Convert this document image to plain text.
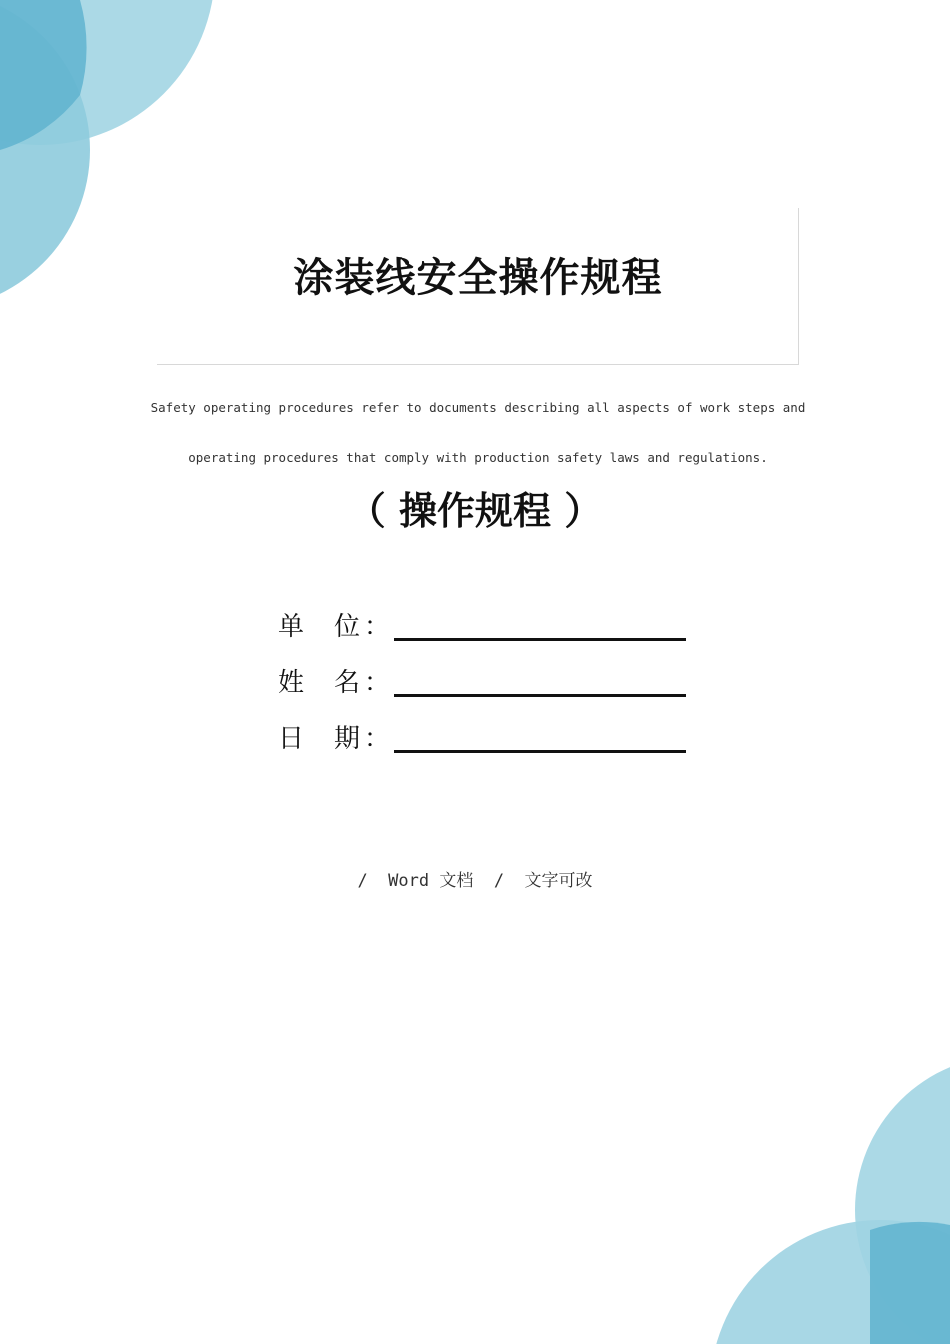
涂装线安全操作规程
Safety operating procedures refer to documents describing all aspects of work steps and
operating procedures that comply with production safety laws and regulations.
（ 操作规程 ）
单 位 ：
姓 名 ：
日 期 ：
/  Word 文档  /  文字可改
